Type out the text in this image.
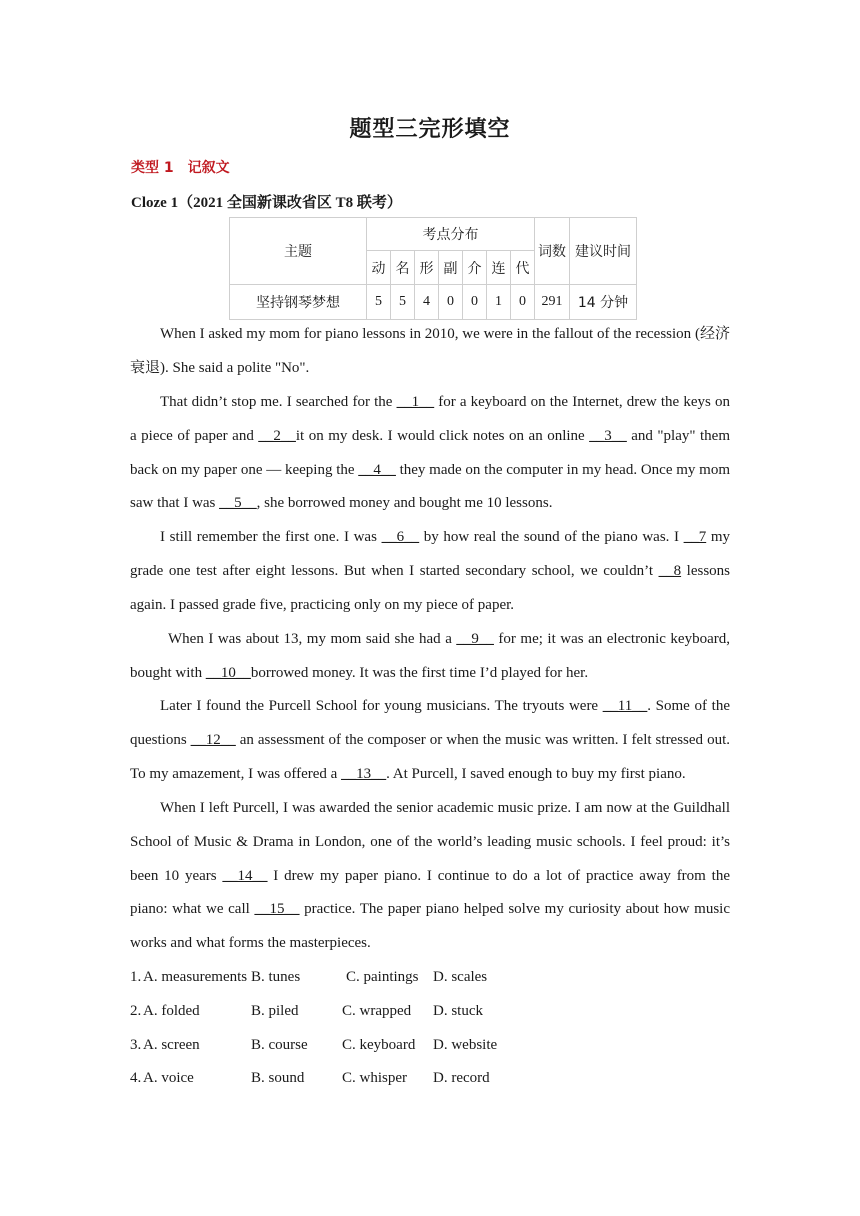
题型三完形填空
类型 1 记叙文
Cloze 1（2021 全国新课改省区 T8 联考）
主题	考点分布							词数	建议时间
	动	名	形	副	介	连	代		
坚持钢琴梦想	5	5	4	0	0	1	0	291	14 分钟
When I asked my mom for piano lessons in 2010, we were in the fallout of the recession (经济衰退). She said a polite "No".
That didn’t stop me. I searched for the __1__ for a keyboard on the Internet, drew the keys on a piece of paper and __2__it on my desk. I would click notes on an online __3__ and "play" them back on my paper one — keeping the __4__ they made on the computer in my head. Once my mom saw that I was __5__, she borrowed money and bought me 10 lessons.
I still remember the first one. I was __6__ by how real the sound of the piano was. I __7 my grade one test after eight lessons. But when I started secondary school, we couldn’t __8 lessons again. I passed grade five, practicing only on my piece of paper.
When I was about 13, my mom said she had a __9__ for me; it was an electronic keyboard, bought with __10__borrowed money. It was the first time I’d played for her.
Later I found the Purcell School for young musicians. The tryouts were __11__. Some of the questions __12__ an assessment of the composer or when the music was written. I felt stressed out. To my amazement, I was offered a __13__. At Purcell, I saved enough to buy my first piano.
When I left Purcell, I was awarded the senior academic music prize. I am now at the Guildhall School of Music & Drama in London, one of the world’s leading music schools. I feel proud: it’s been 10 years __14__ I drew my paper piano. I continue to do a lot of practice away from the piano: what we call __15__ practice. The paper piano helped solve my curiosity about how music works and what forms the masterpieces.
1. A. measurements B. tunes	C. paintings D. scales
2. A. folded	B. piled	C. wrapped D. stuck
3. A. screen	B. course C. keyboard D. website
4. A. voice	B. sound	C. whisper D. record
